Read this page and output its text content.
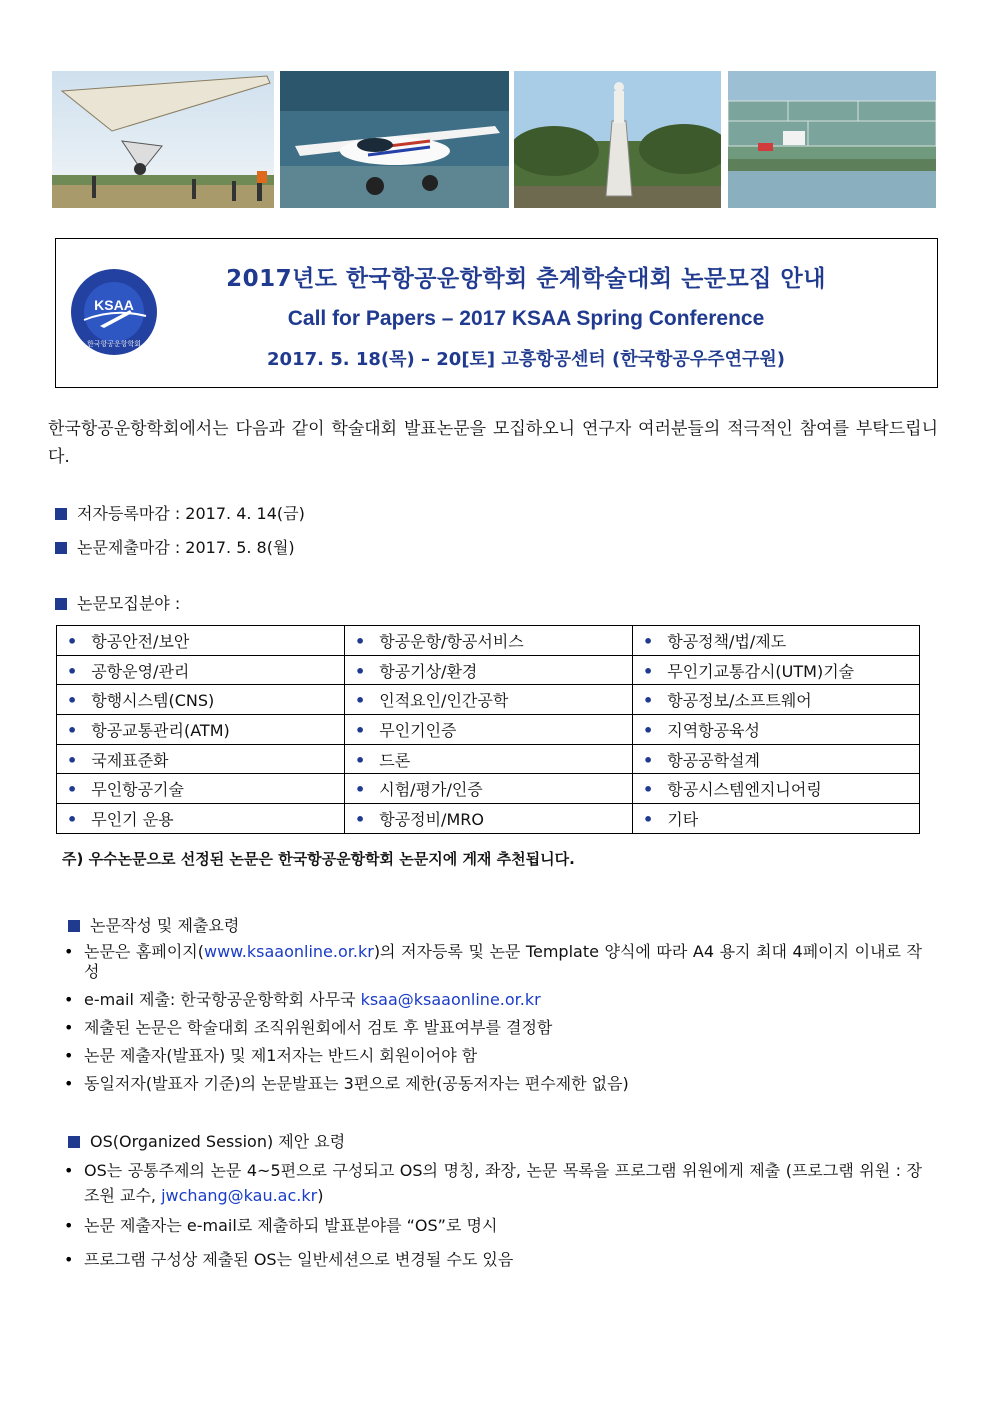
KSAA
한국항공운항학회
2017년도 한국항공운항학회 춘계학술대회 논문모집 안내
Call for Papers – 2017 KSAA Spring Conference
2017. 5. 18(목) – 20[토] 고흥항공센터 (한국항공우주연구원)

한국항공운항학회에서는 다음과 같이 학술대회 발표논문을 모집하오니 연구자 여러분들의 적극적인 참여를 부탁드립니다.

저자등록마감 : 2017. 4. 14(금)
논문제출마감 : 2017. 5. 8(월)
논문모집분야 :
• 항공안전/보안	• 항공운항/항공서비스	• 항공정책/법/제도
• 공항운영/관리	• 항공기상/환경	• 무인기교통감시(UTM)기술
• 항행시스템(CNS)	• 인적요인/인간공학	• 항공정보/소프트웨어
• 항공교통관리(ATM)	• 무인기인증	• 지역항공육성
• 국제표준화	• 드론	• 항공공학설계
• 무인항공기술	• 시험/평가/인증	• 항공시스템엔지니어링
• 무인기 운용	• 항공정비/MRO	• 기타
주) 우수논문으로 선정된 논문은 한국항공운항학회 논문지에 게재 추천됩니다.
논문작성 및 제출요령
• 논문은 홈페이지(www.ksaaonline.or.kr)의 저자등록 및 논문 Template 양식에 따라 A4 용지 최대 4페이지 이내로 작성
• e-mail 제출: 한국항공운항학회 사무국 ksaa@ksaaonline.or.kr
• 제출된 논문은 학술대회 조직위원회에서 검토 후 발표여부를 결정함
• 논문 제출자(발표자) 및 제1저자는 반드시 회원이어야 함
• 동일저자(발표자 기준)의 논문발표는 3편으로 제한(공동저자는 편수제한 없음)
OS(Organized Session) 제안 요령
• OS는 공통주제의 논문 4~5편으로 구성되고 OS의 명칭, 좌장, 논문 목록을 프로그램 위원에게 제출 (프로그램 위원 : 장조원 교수, jwchang@kau.ac.kr)
• 논문 제출자는 e-mail로 제출하되 발표분야를 “OS”로 명시
• 프로그램 구성상 제출된 OS는 일반세션으로 변경될 수도 있음
